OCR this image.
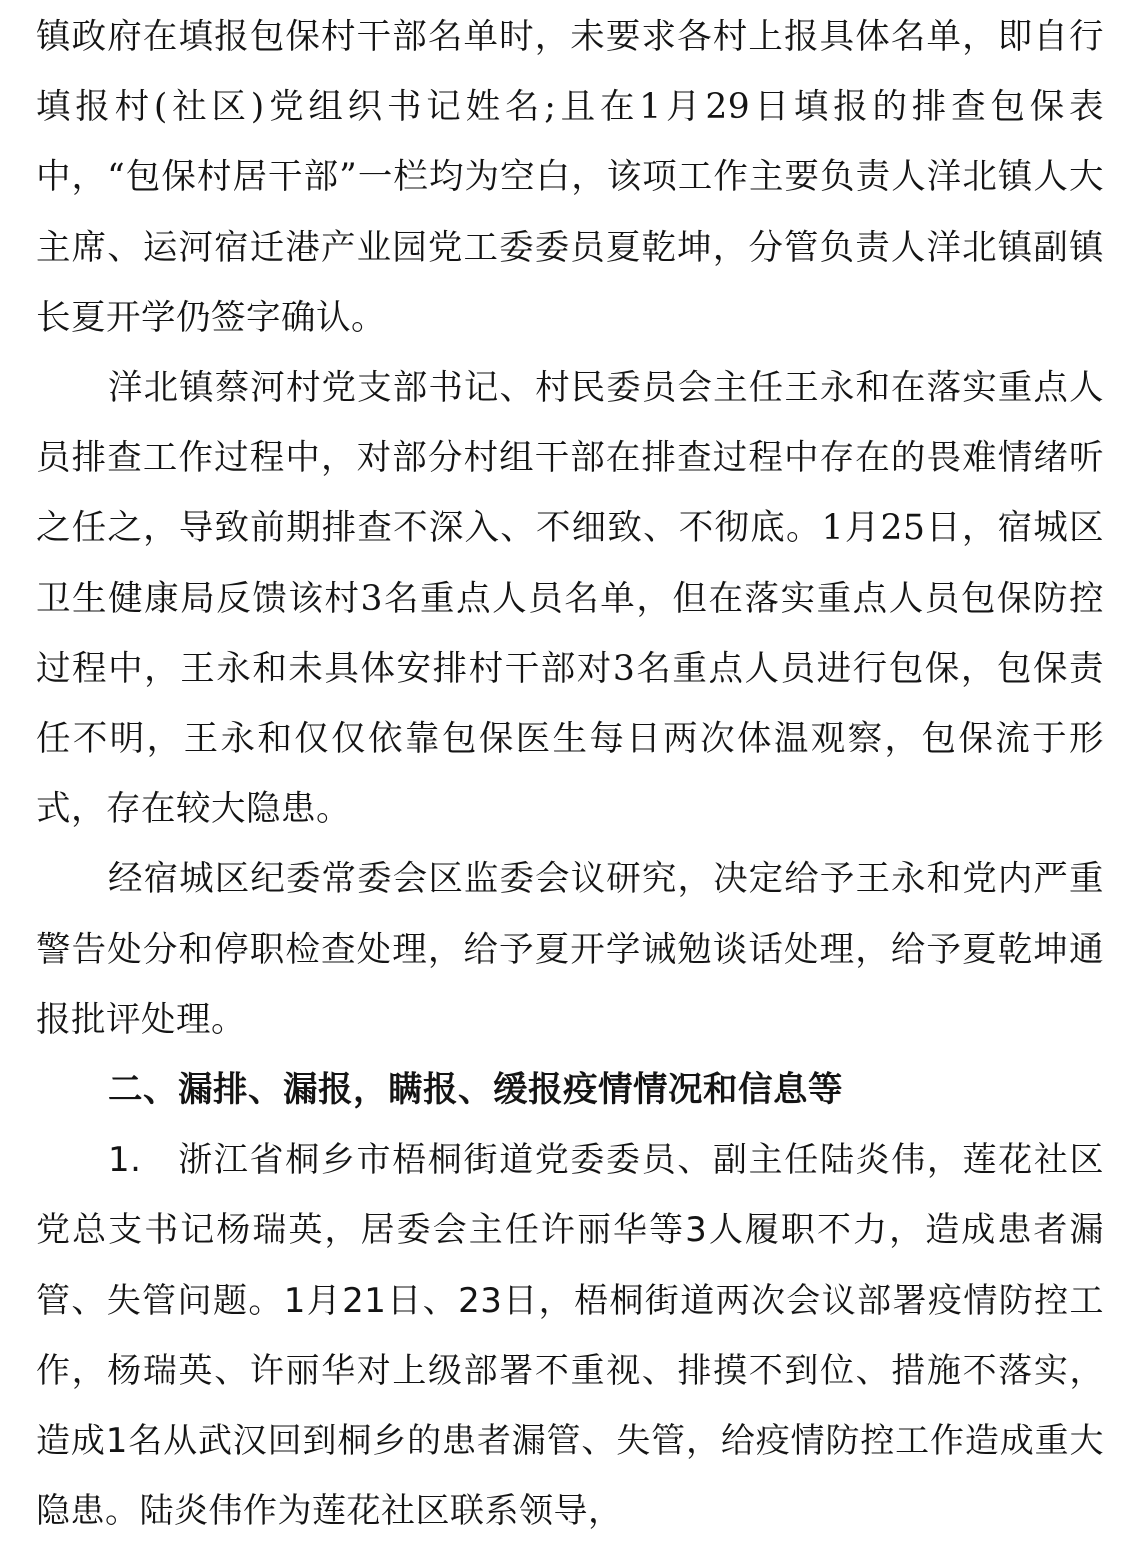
镇政府在填报包保村干部名单时，未要求各村上报具体名单，即自行填报村(社区)党组织书记姓名;且在1月29日填报的排查包保表中，“包保村居干部”一栏均为空白，该项工作主要负责人洋北镇人大主席、运河宿迁港产业园党工委委员夏乾坤，分管负责人洋北镇副镇长夏开学仍签字确认。

洋北镇蔡河村党支部书记、村民委员会主任王永和在落实重点人员排查工作过程中，对部分村组干部在排查过程中存在的畏难情绪听之任之，导致前期排查不深入、不细致、不彻底。1月25日，宿城区卫生健康局反馈该村3名重点人员名单，但在落实重点人员包保防控过程中，王永和未具体安排村干部对3名重点人员进行包保，包保责任不明，王永和仅仅依靠包保医生每日两次体温观察，包保流于形式，存在较大隐患。

经宿城区纪委常委会区监委会议研究，决定给予王永和党内严重警告处分和停职检查处理，给予夏开学诫勉谈话处理，给予夏乾坤通报批评处理。

二、漏排、漏报，瞒报、缓报疫情情况和信息等

1.　浙江省桐乡市梧桐街道党委委员、副主任陆炎伟，莲花社区党总支书记杨瑞英，居委会主任许丽华等3人履职不力，造成患者漏管、失管问题。1月21日、23日，梧桐街道两次会议部署疫情防控工作，杨瑞英、许丽华对上级部署不重视、排摸不到位、措施不落实，造成1名从武汉回到桐乡的患者漏管、失管，给疫情防控工作造成重大隐患。陆炎伟作为莲花社区联系领导，
